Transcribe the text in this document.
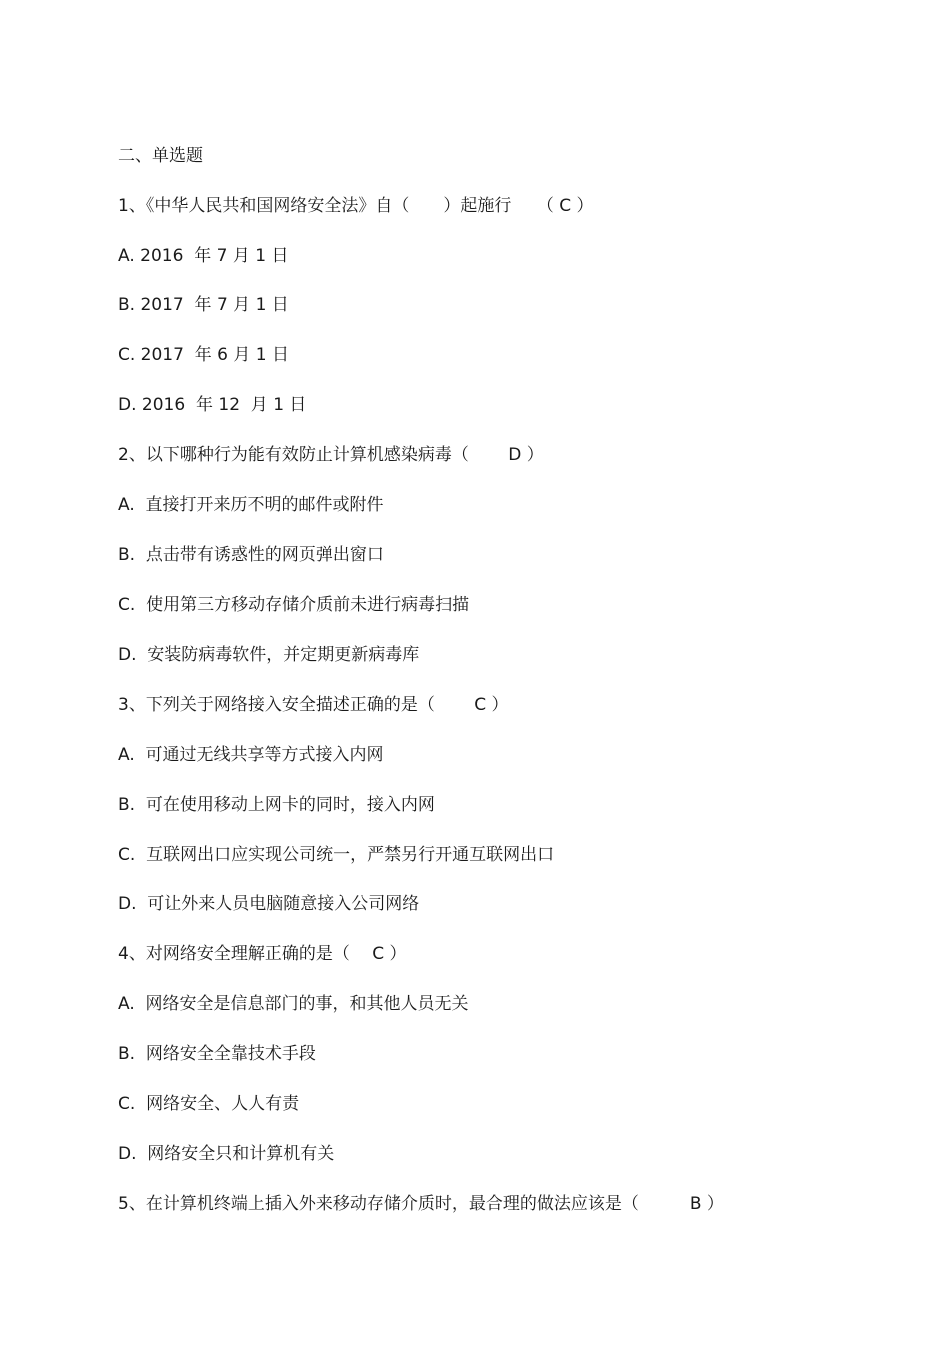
二、单选题
1、《中华人民共和国网络安全法》自（　　）起施行　　（ C ）
A. 2016  年 7 月 1 日
B. 2017  年 7 月 1 日
C. 2017  年 6 月 1 日
D. 2016  年 12  月 1 日
2、以下哪种行为能有效防止计算机感染病毒（　　 D ）
A.  直接打开来历不明的邮件或附件
B.  点击带有诱惑性的网页弹出窗口
C.  使用第三方移动存储介质前未进行病毒扫描
D.  安装防病毒软件，并定期更新病毒库
3、下列关于网络接入安全描述正确的是（　　 C ）
A.  可通过无线共享等方式接入内网
B.  可在使用移动上网卡的同时，接入内网
C.  互联网出口应实现公司统一，严禁另行开通互联网出口
D.  可让外来人员电脑随意接入公司网络
4、对网络安全理解正确的是（　 C ）
A.  网络安全是信息部门的事，和其他人员无关
B.  网络安全全靠技术手段
C.  网络安全、人人有责
D.  网络安全只和计算机有关
5、在计算机终端上插入外来移动存储介质时，最合理的做法应该是（　　　B ）
